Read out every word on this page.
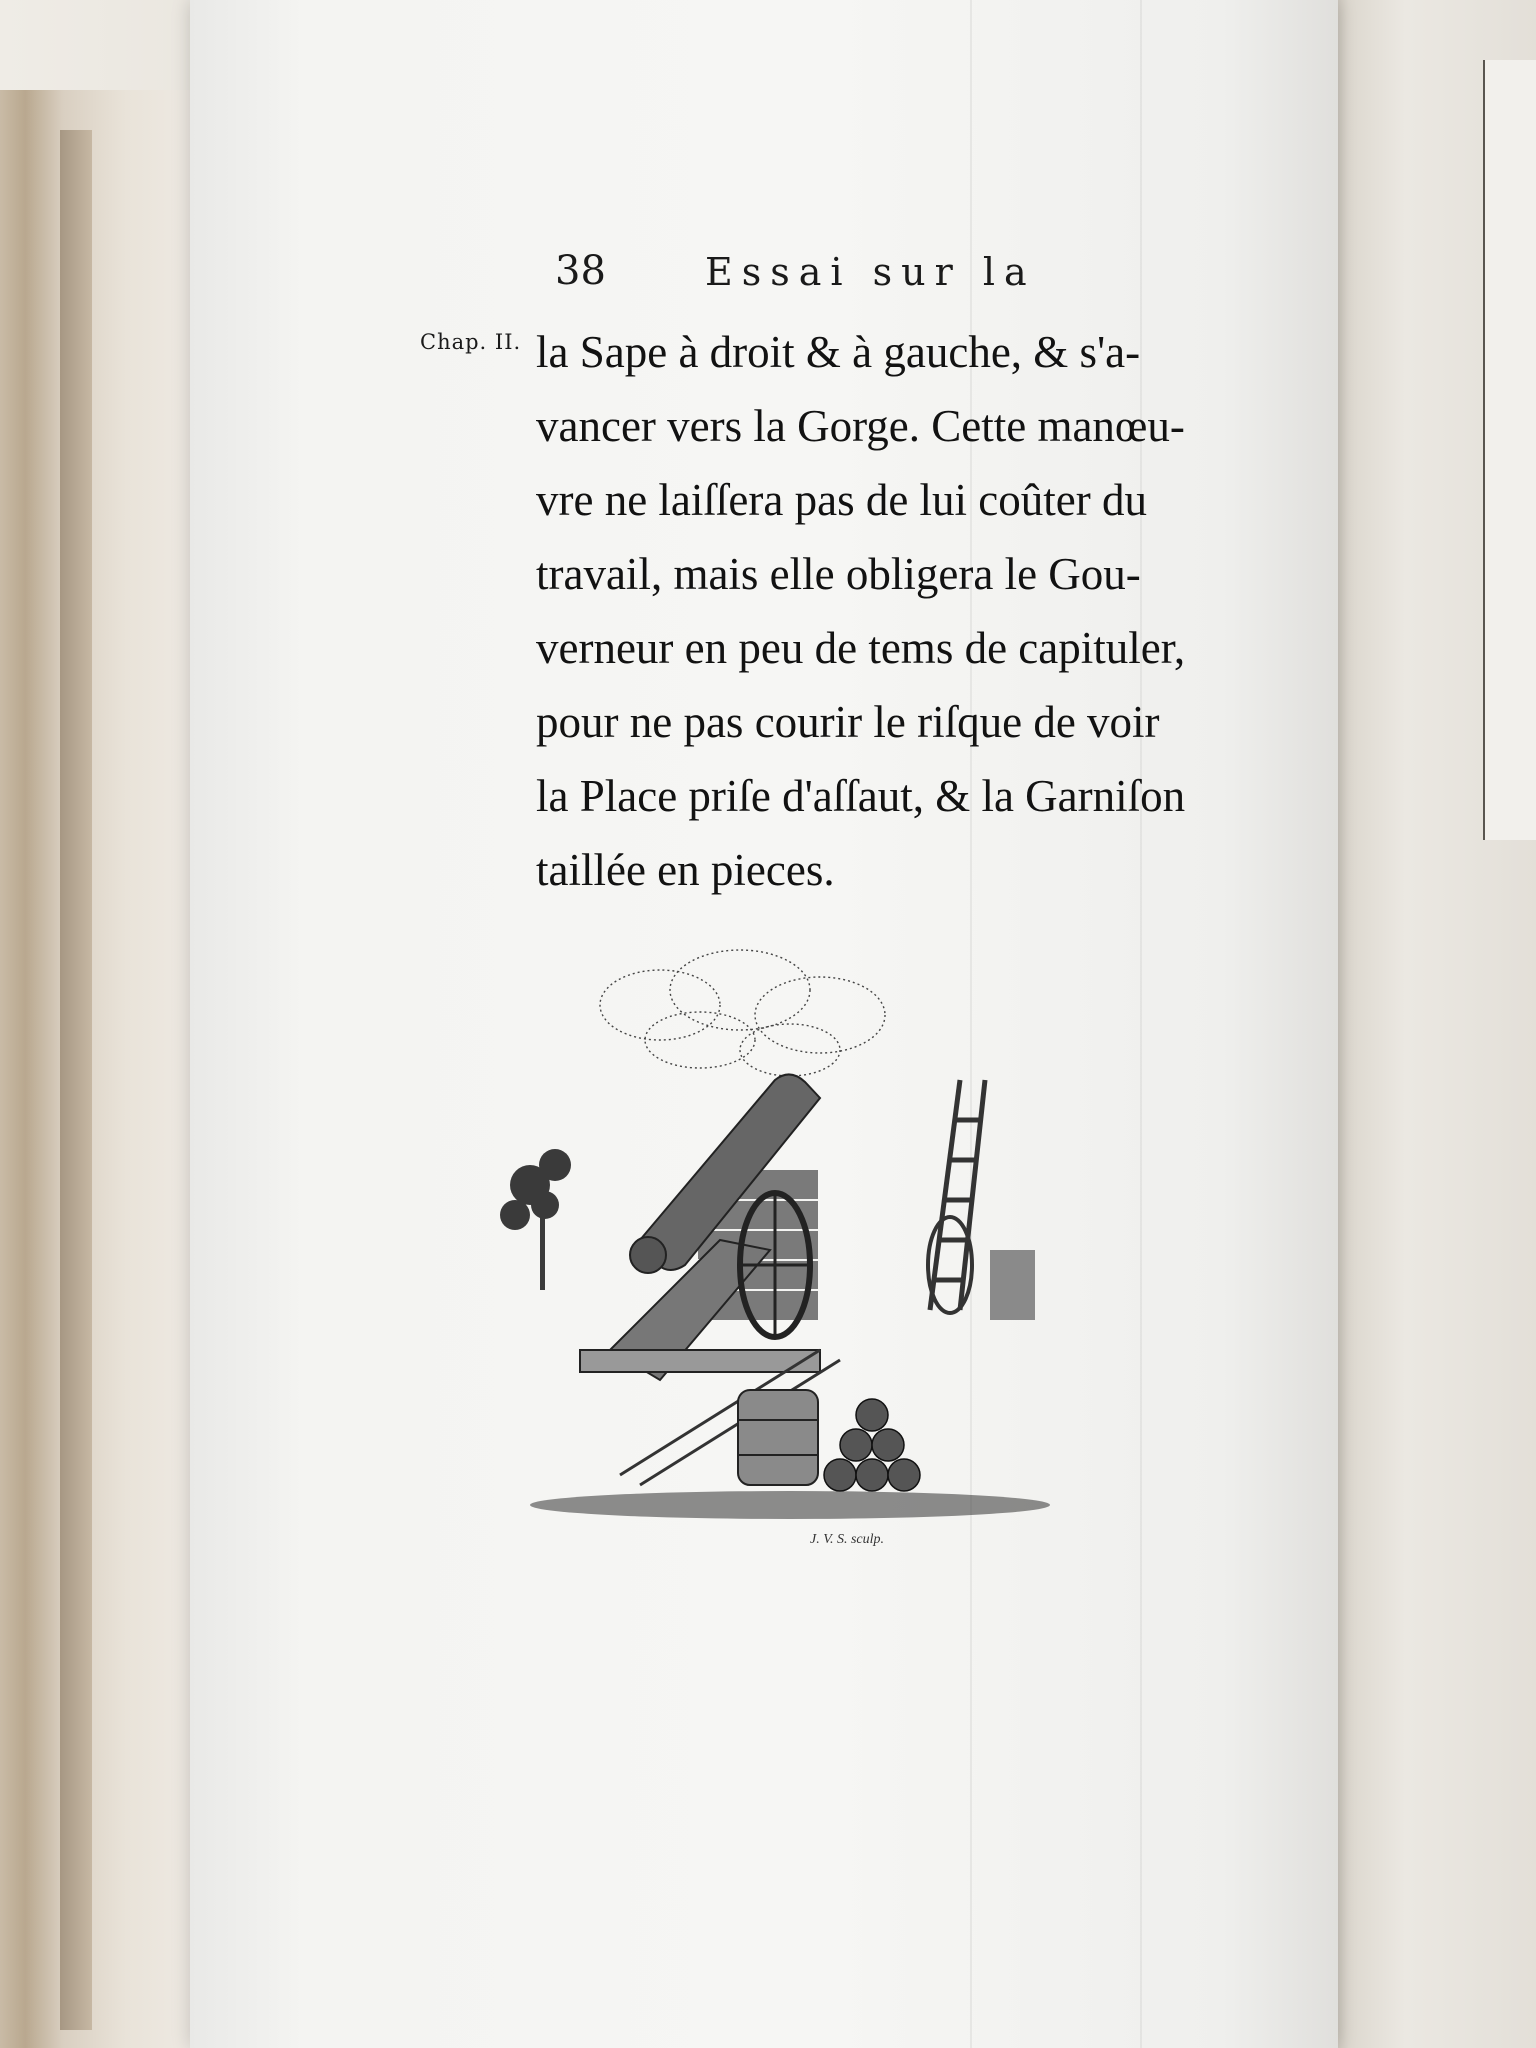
38	Essai sur la
Chap. II. la Sape à droit & à gauche, & s'a-
vancer vers la Gorge. Cette manœu-
vre ne laiſſera pas de lui coûter du
travail, mais elle obligera le Gou-
verneur en peu de tems de capituler,
pour ne pas courir le riſque de voir
la Place priſe d'aſſaut, & la Garniſon
taillée en pieces.
J. V. S. sculp.
